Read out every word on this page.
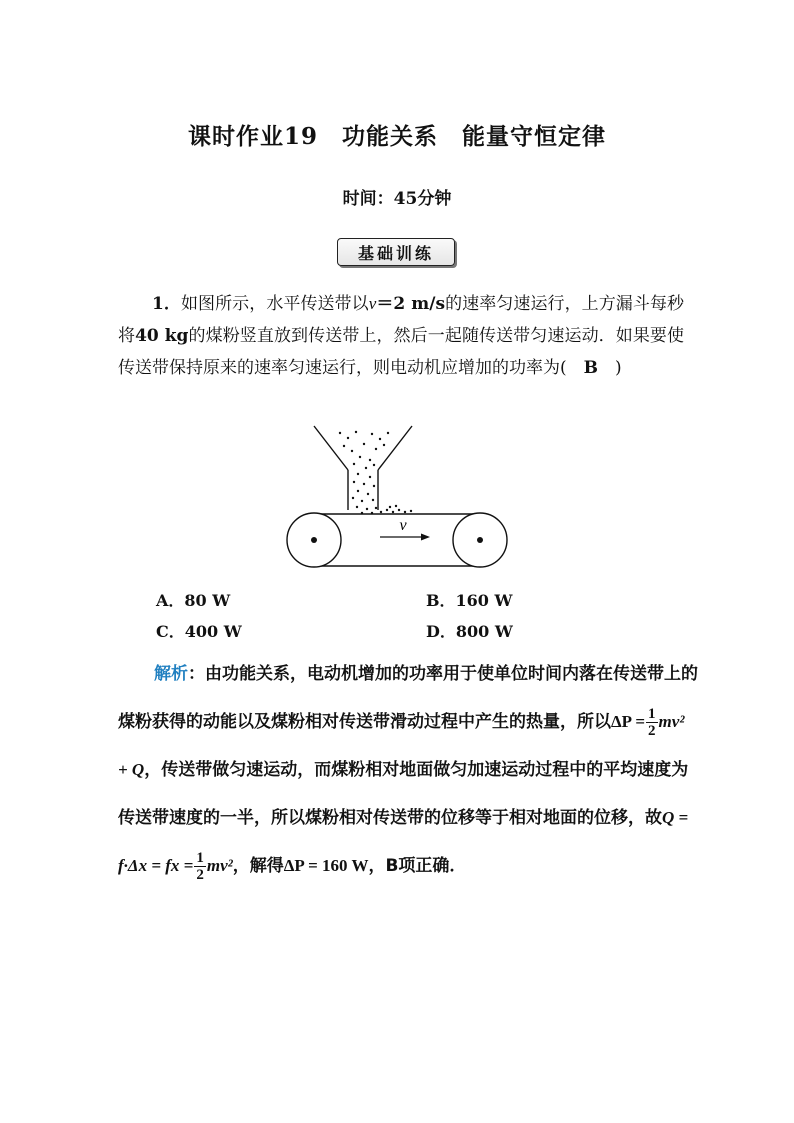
课时作业19　功能关系　能量守恒定律
时间：45分钟
基础训练
1．如图所示，水平传送带以v＝2 m/s的速率匀速运行，上方漏斗每秒将40 kg的煤粉竖直放到传送带上，然后一起随传送带匀速运动．如果要使传送带保持原来的速率匀速运行，则电动机应增加的功率为(　B　)
v
A．80 W	B．160 W
C．400 W	D．800 W
解析：由功能关系，电动机增加的功率用于使单位时间内落在传送带上的煤粉获得的动能以及煤粉相对传送带滑动过程中产生的热量，所以$\Delta P = \frac{1}{2} mv^2 + Q$，传送带做匀速运动，而煤粉相对地面做匀加速运动过程中的平均速度为传送带速度的一半，所以煤粉相对传送带的位移等于相对地面的位移，故Q = f·Δx = fx = $\frac{1}{2} mv^2$，解得ΔP = 160 W，B项正确．
